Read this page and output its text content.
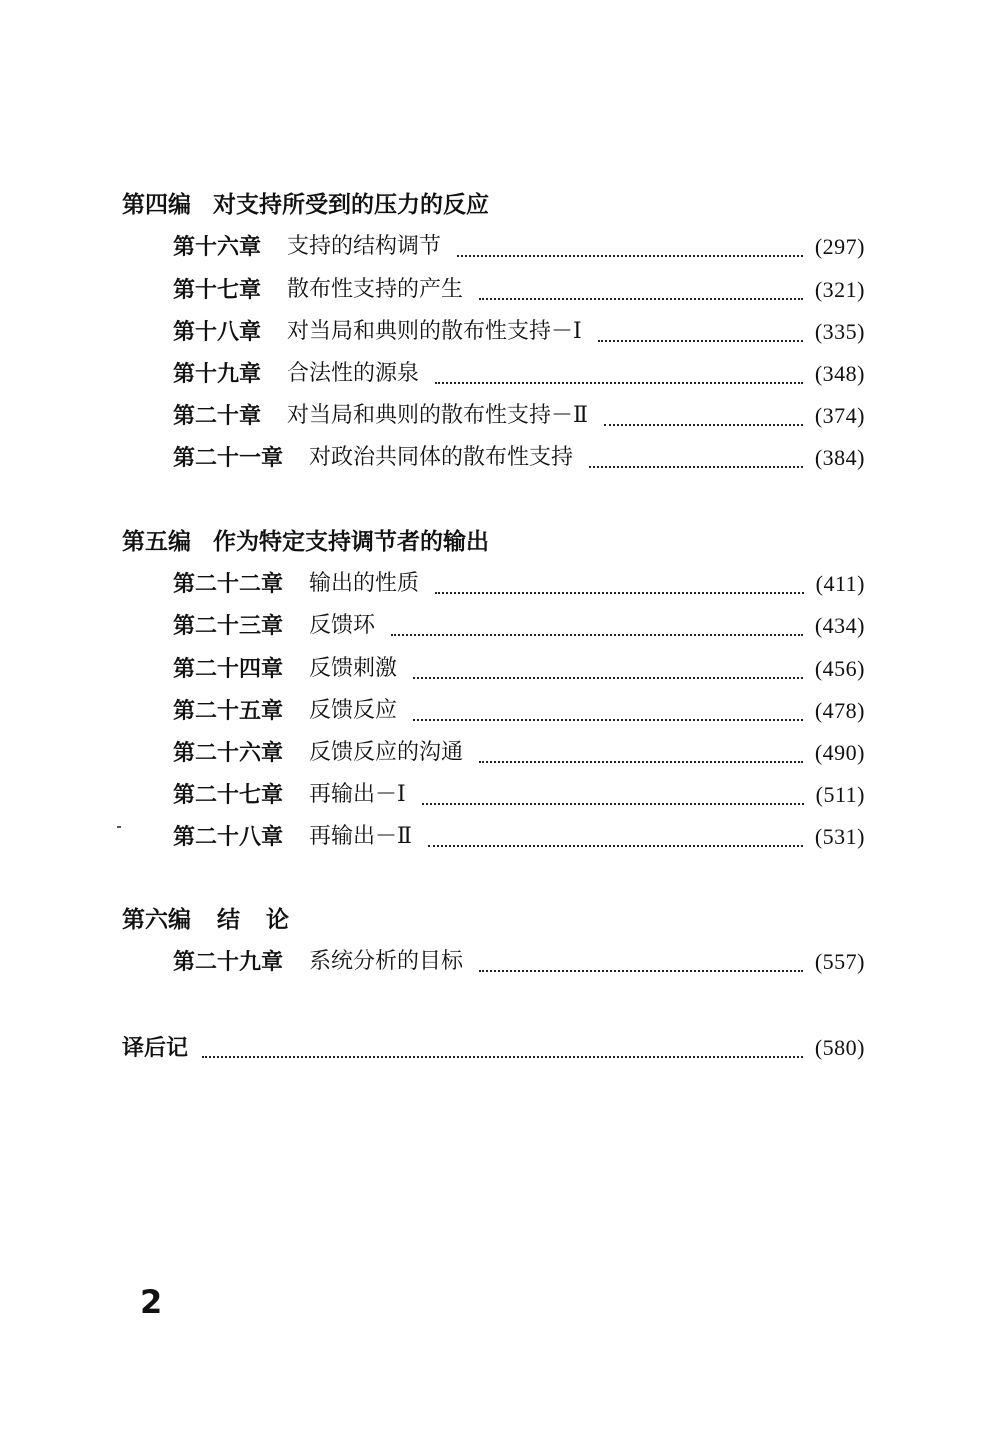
第四编 对支持所受到的压力的反应
第十六章 支持的结构调节	(297)
第十七章 散布性支持的产生	(321)
第十八章 对当局和典则的散布性支持－Ⅰ	(335)
第十九章 合法性的源泉	(348)
第二十章 对当局和典则的散布性支持－Ⅱ	(374)
第二十一章 对政治共同体的散布性支持	(384)
第五编 作为特定支持调节者的输出
第二十二章 输出的性质	(411)
第二十三章 反馈环	(434)
第二十四章 反馈刺激	(456)
第二十五章 反馈反应	(478)
第二十六章 反馈反应的沟通	(490)
第二十七章 再输出－Ⅰ	(511)
第二十八章 再输出－Ⅱ	(531)
第六编 结论
第二十九章 系统分析的目标	(557)
译后记	(580)
2
